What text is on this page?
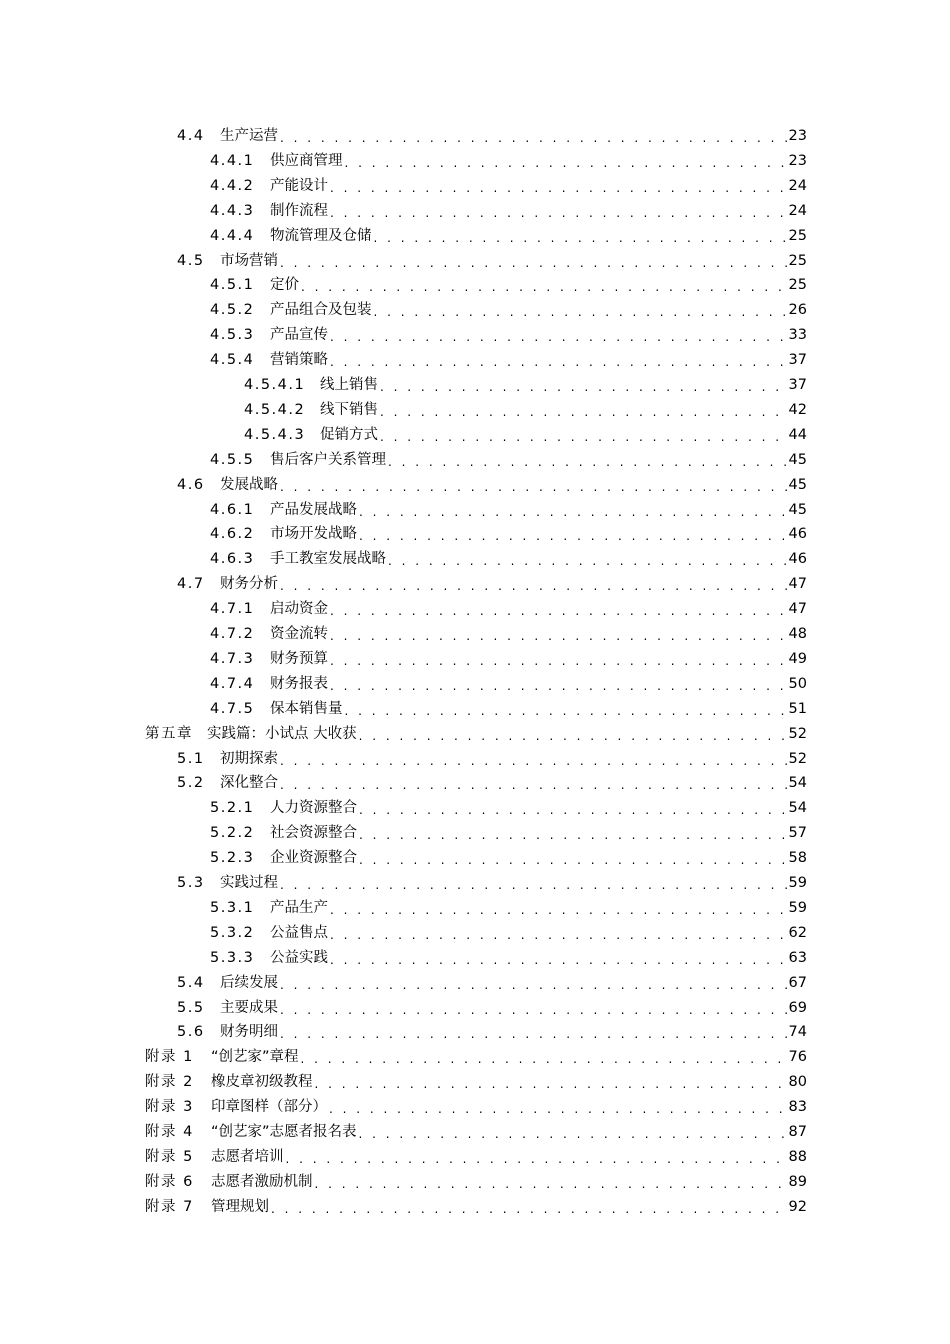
4.4	生产运营 . . .	23
4.4.1	供应商管理 . . .	23
4.4.2	产能设计 . . .	24
4.4.3	制作流程 . . .	24
4.4.4	物流管理及仓储 . . .	25
4.5	市场营销 . . .	25
4.5.1	定价 . . .	25
4.5.2	产品组合及包装 . . .	26
4.5.3	产品宣传 . . .	33
4.5.4	营销策略 . . .	37
4.5.4.1	线上销售 . . .	37
4.5.4.2	线下销售 . . .	42
4.5.4.3	促销方式 . . .	44
4.5.5	售后客户关系管理 . . .	45
4.6	发展战略 . . .	45
4.6.1	产品发展战略 . . .	45
4.6.2	市场开发战略 . . .	46
4.6.3	手工教室发展战略 . . .	46
4.7	财务分析 . . .	47
4.7.1	启动资金 . . .	47
4.7.2	资金流转 . . .	48
4.7.3	财务预算 . . .	49
4.7.4	财务报表 . . .	50
4.7.5	保本销售量 . . .	51
第五章 实践篇：小试点 大收获 . . .	52
5.1	初期探索 . . .	52
5.2	深化整合 . . .	54
5.2.1	人力资源整合 . . .	54
5.2.2	社会资源整合 . . .	57
5.2.3	企业资源整合 . . .	58
5.3	实践过程 . . .	59
5.3.1	产品生产 . . .	59
5.3.2	公益售点 . . .	62
5.3.3	公益实践 . . .	63
5.4	后续发展 . . .	67
5.5	主要成果 . . .	69
5.6	财务明细 . . .	74
附录 1	“创艺家”章程 . . .	76
附录 2	橡皮章初级教程 . . .	80
附录 3	印章图样（部分） . . .	83
附录 4	“创艺家”志愿者报名表 . . .	87
附录 5	志愿者培训 . . .	88
附录 6	志愿者激励机制 . . .	89
附录 7	管理规划 . . .	92
